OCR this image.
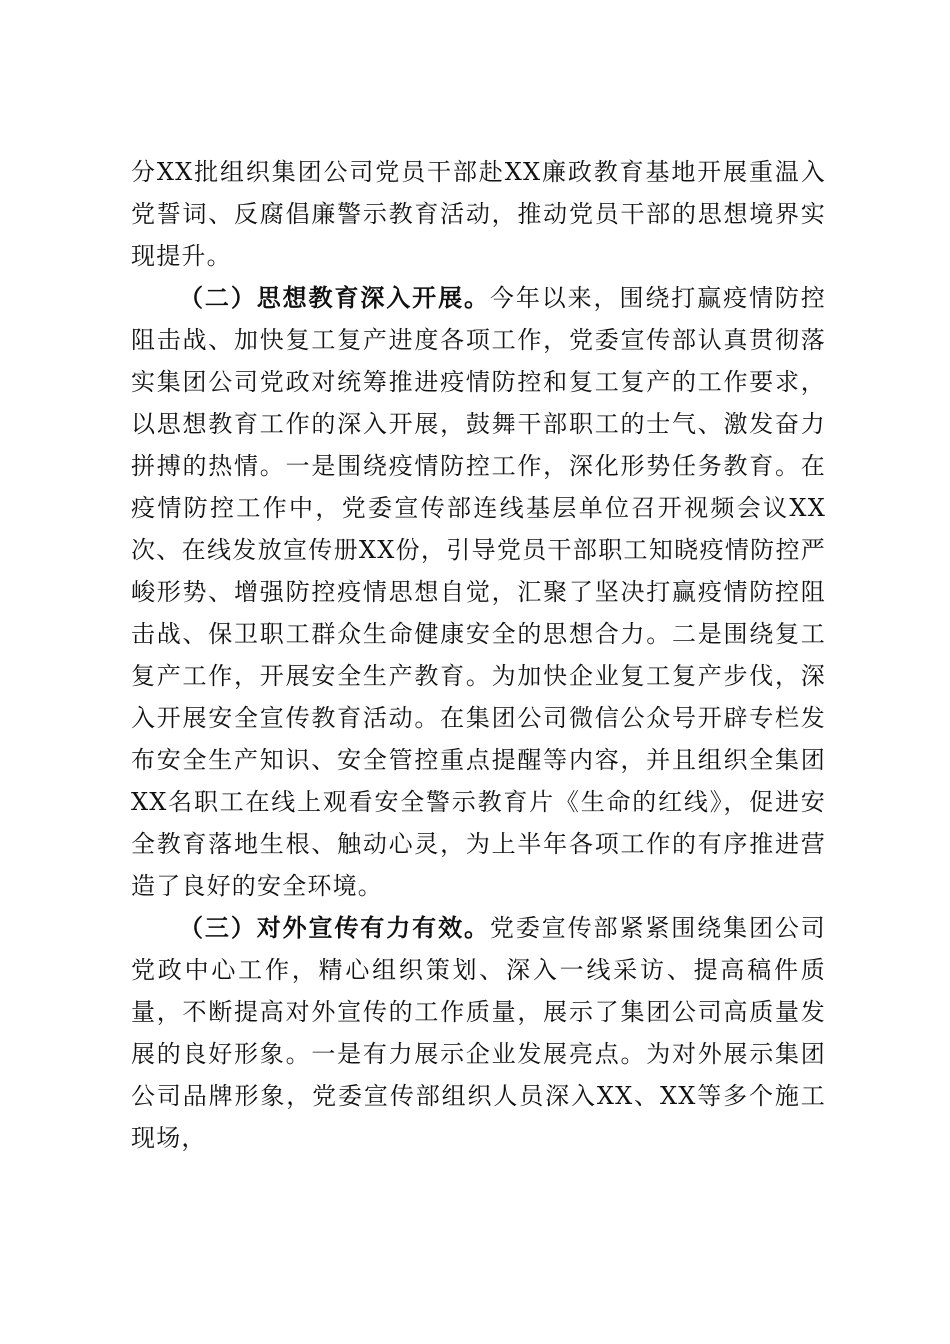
分XX批组织集团公司党员干部赴XX廉政教育基地开展重温入党誓词、反腐倡廉警示教育活动，推动党员干部的思想境界实现提升。

（二）思想教育深入开展。今年以来，围绕打赢疫情防控阻击战、加快复工复产进度各项工作，党委宣传部认真贯彻落实集团公司党政对统筹推进疫情防控和复工复产的工作要求，以思想教育工作的深入开展，鼓舞干部职工的士气、激发奋力拼搏的热情。一是围绕疫情防控工作，深化形势任务教育。在疫情防控工作中，党委宣传部连线基层单位召开视频会议XX次、在线发放宣传册XX份，引导党员干部职工知晓疫情防控严峻形势、增强防控疫情思想自觉，汇聚了坚决打赢疫情防控阻击战、保卫职工群众生命健康安全的思想合力。二是围绕复工复产工作，开展安全生产教育。为加快企业复工复产步伐，深入开展安全宣传教育活动。在集团公司微信公众号开辟专栏发布安全生产知识、安全管控重点提醒等内容，并且组织全集团XX名职工在线上观看安全警示教育片《生命的红线》，促进安全教育落地生根、触动心灵，为上半年各项工作的有序推进营造了良好的安全环境。

（三）对外宣传有力有效。党委宣传部紧紧围绕集团公司党政中心工作，精心组织策划、深入一线采访、提高稿件质量，不断提高对外宣传的工作质量，展示了集团公司高质量发展的良好形象。一是有力展示企业发展亮点。为对外展示集团公司品牌形象，党委宣传部组织人员深入XX、XX等多个施工现场，
